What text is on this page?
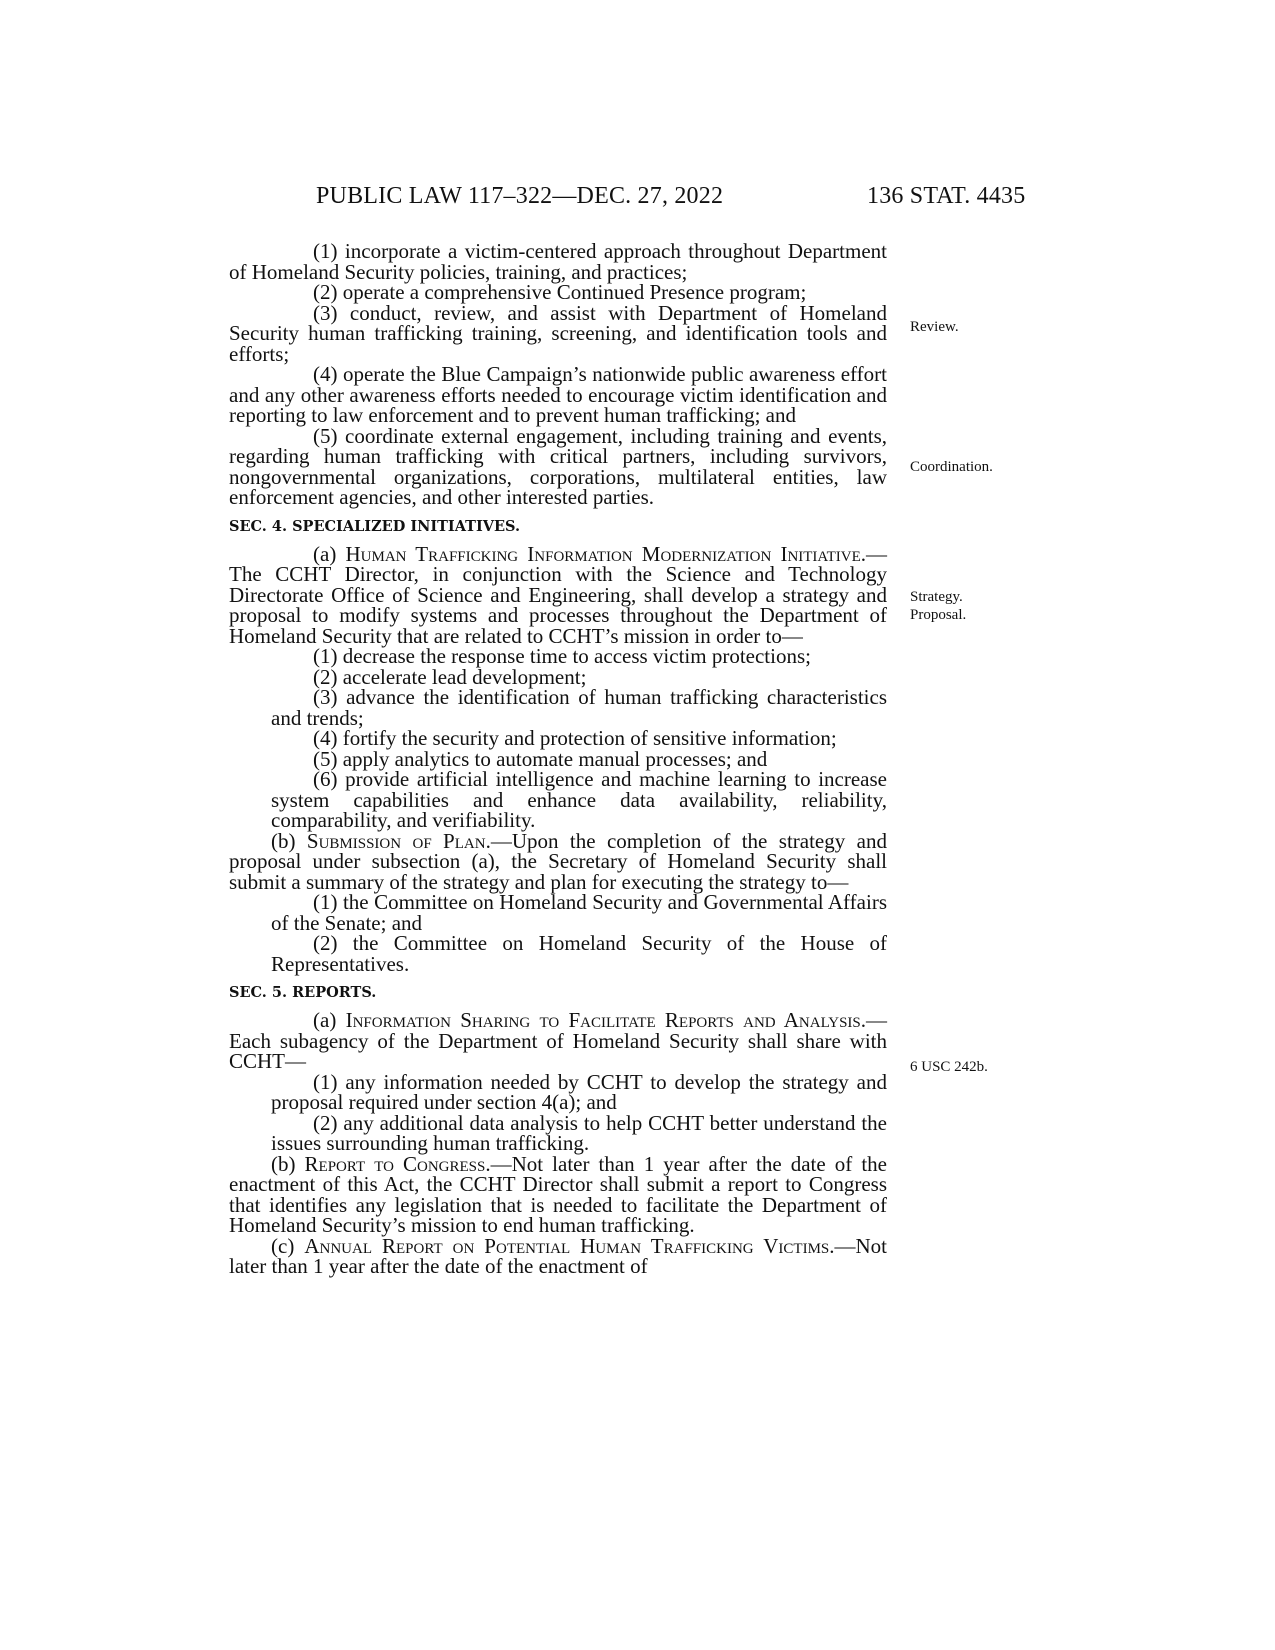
PUBLIC LAW 117–322—DEC. 27, 2022	136 STAT. 4435
Review.
Coordination.
Strategy.
Proposal.
6 USC 242b.

(1) incorporate a victim-centered approach throughout Department of Homeland Security policies, training, and practices;

(2) operate a comprehensive Continued Presence program;

(3) conduct, review, and assist with Department of Homeland Security human trafficking training, screening, and identification tools and efforts;

(4) operate the Blue Campaign’s nationwide public awareness effort and any other awareness efforts needed to encourage victim identification and reporting to law enforcement and to prevent human trafficking; and

(5) coordinate external engagement, including training and events, regarding human trafficking with critical partners, including survivors, nongovernmental organizations, corporations, multilateral entities, law enforcement agencies, and other interested parties.

SEC. 4. SPECIALIZED INITIATIVES.

(a) Human Trafficking Information Modernization Initiative.—The CCHT Director, in conjunction with the Science and Technology Directorate Office of Science and Engineering, shall develop a strategy and proposal to modify systems and processes throughout the Department of Homeland Security that are related to CCHT’s mission in order to—

(1) decrease the response time to access victim protections;

(2) accelerate lead development;

(3) advance the identification of human trafficking characteristics and trends;

(4) fortify the security and protection of sensitive information;

(5) apply analytics to automate manual processes; and

(6) provide artificial intelligence and machine learning to increase system capabilities and enhance data availability, reliability, comparability, and verifiability.

(b) Submission of Plan.—Upon the completion of the strategy and proposal under subsection (a), the Secretary of Homeland Security shall submit a summary of the strategy and plan for executing the strategy to—

(1) the Committee on Homeland Security and Governmental Affairs of the Senate; and

(2) the Committee on Homeland Security of the House of Representatives.

SEC. 5. REPORTS.

(a) Information Sharing to Facilitate Reports and Analysis.—Each subagency of the Department of Homeland Security shall share with CCHT—

(1) any information needed by CCHT to develop the strategy and proposal required under section 4(a); and

(2) any additional data analysis to help CCHT better understand the issues surrounding human trafficking.

(b) Report to Congress.—Not later than 1 year after the date of the enactment of this Act, the CCHT Director shall submit a report to Congress that identifies any legislation that is needed to facilitate the Department of Homeland Security’s mission to end human trafficking.

(c) Annual Report on Potential Human Trafficking Victims.—Not later than 1 year after the date of the enactment of
